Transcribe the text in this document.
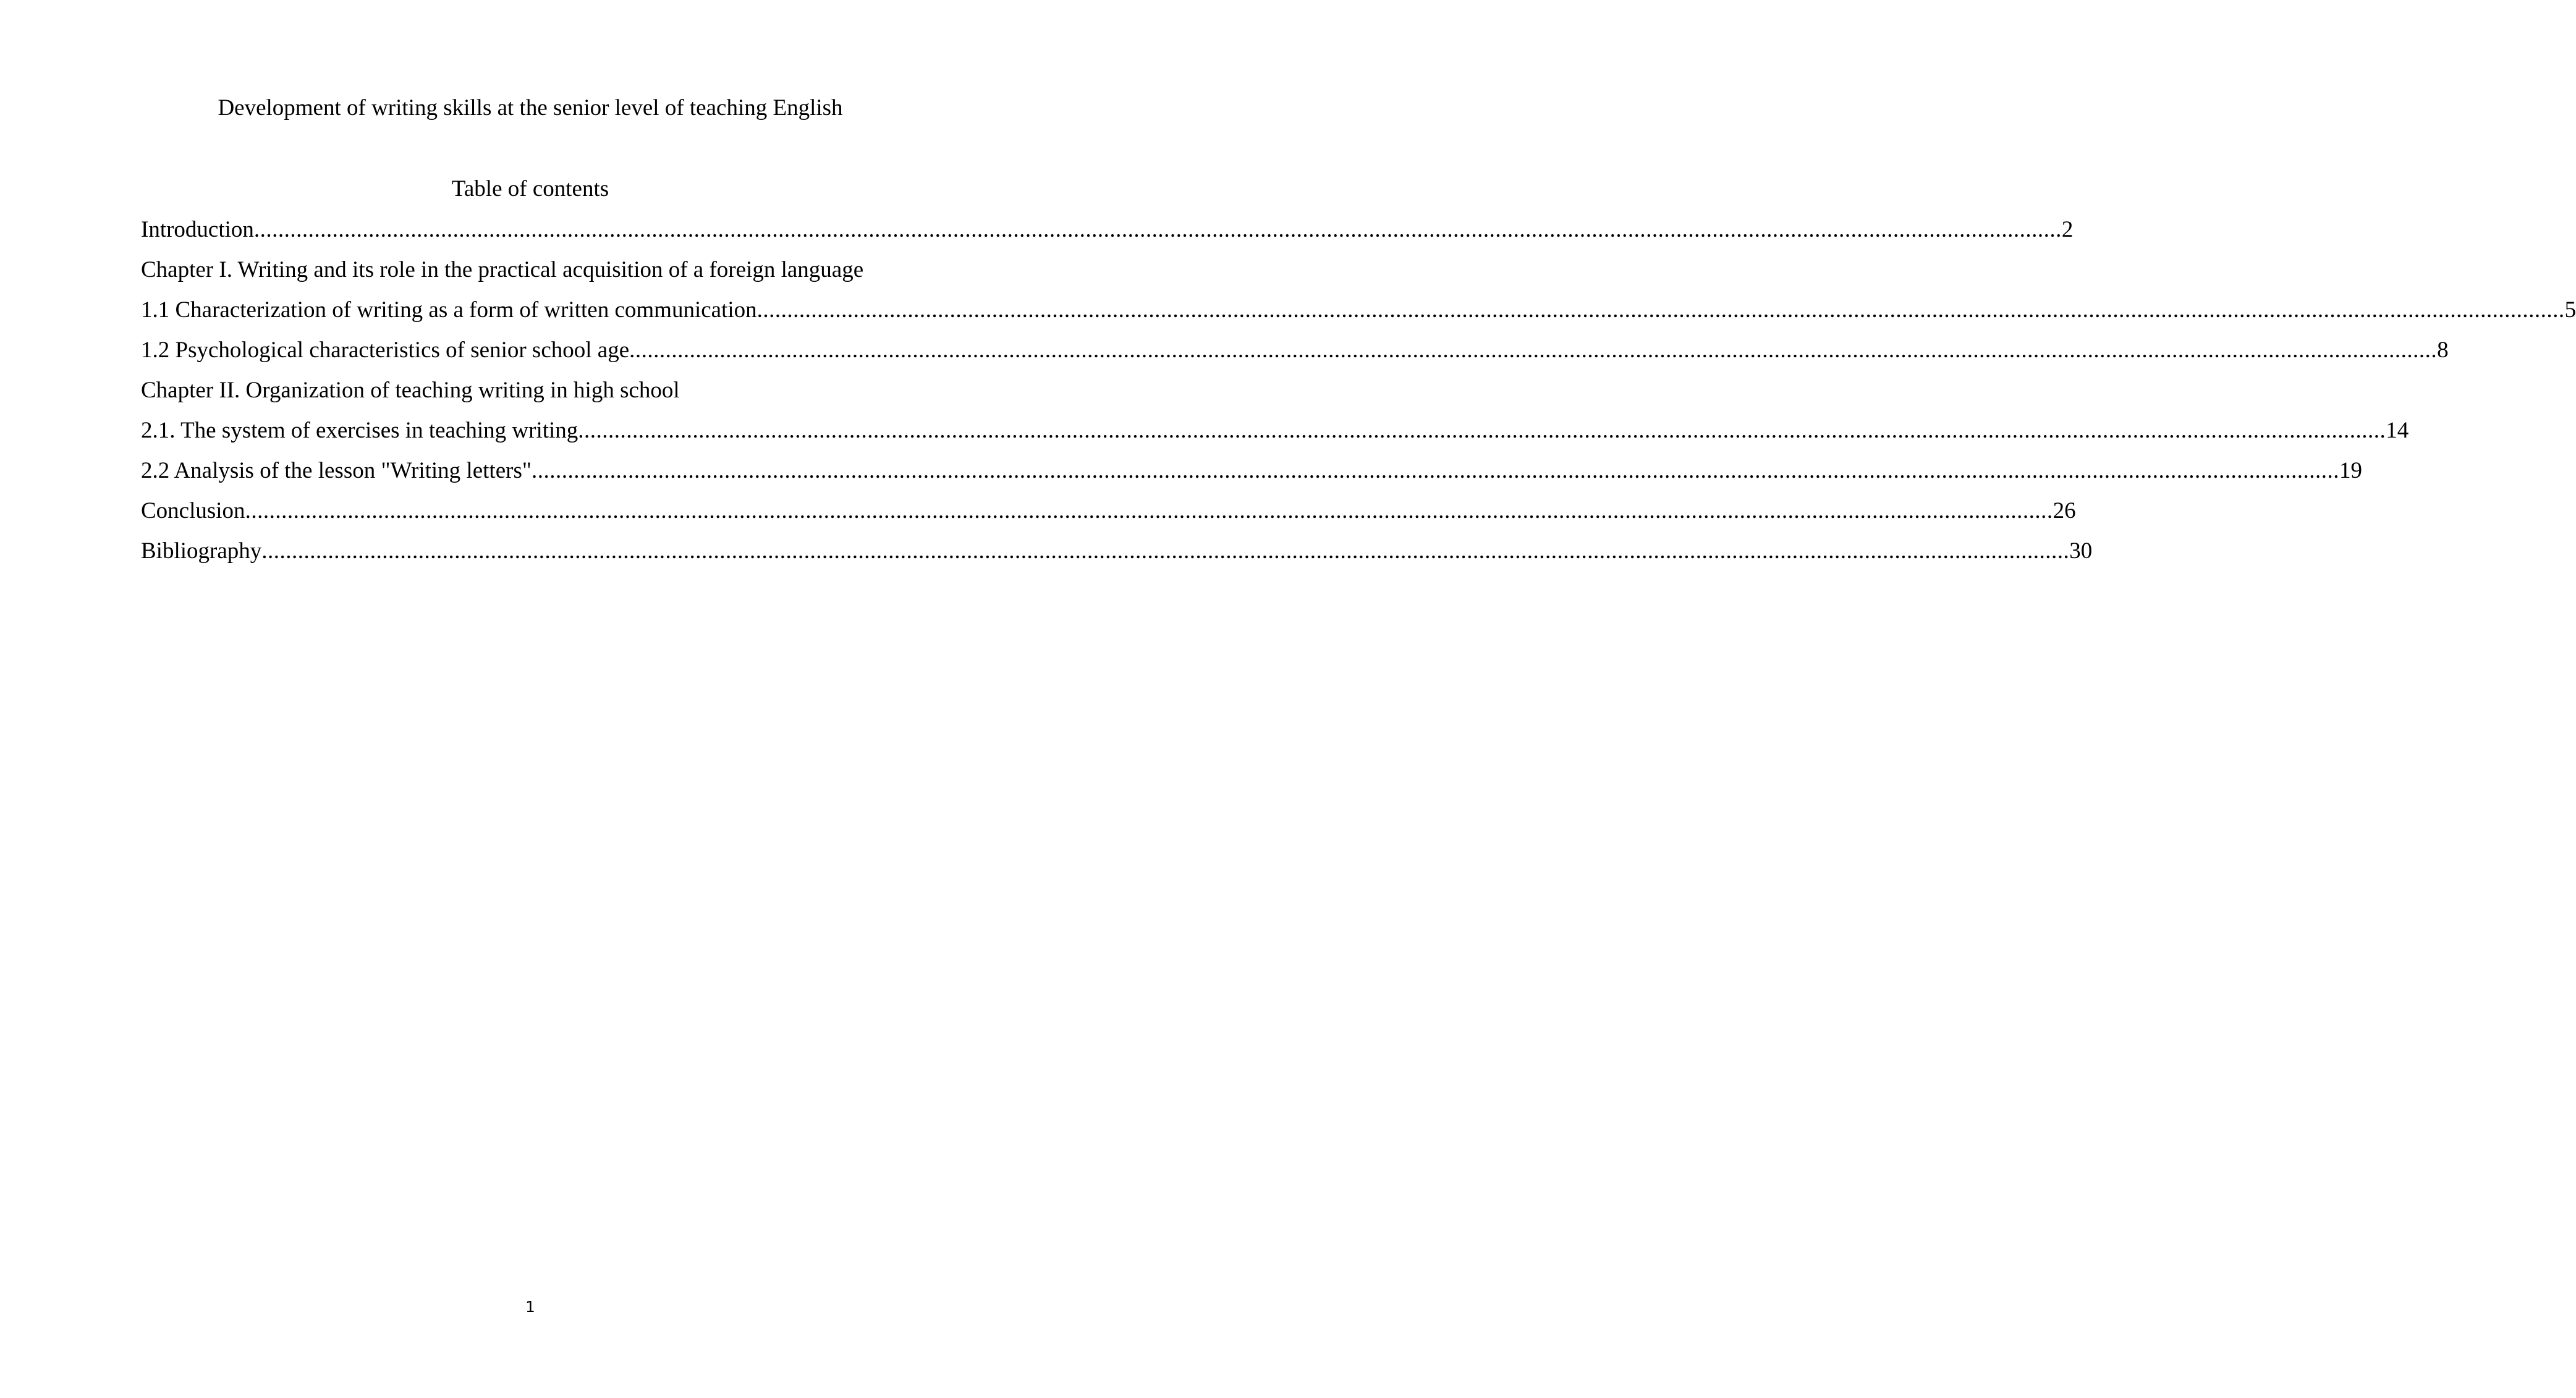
Development of writing skills at the senior level of teaching English
Table of contents
Introduction ............................................................................................................................................................................................................................................................................................................ 2
Chapter I. Writing and its role in the practical acquisition of a foreign language
1.1 Characterization of writing as a form of written communication ............................................................................................................................................................................................................................................................................................................ 5
1.2 Psychological characteristics of senior school age ............................................................................................................................................................................................................................................................................................................ 8
Chapter II. Organization of teaching writing in high school
2.1. The system of exercises in teaching writing ............................................................................................................................................................................................................................................................................................................ 14
2.2 Analysis of the lesson "Writing letters" ............................................................................................................................................................................................................................................................................................................ 19
Conclusion ............................................................................................................................................................................................................................................................................................................ 26
Bibliography ............................................................................................................................................................................................................................................................................................................ 30
1
